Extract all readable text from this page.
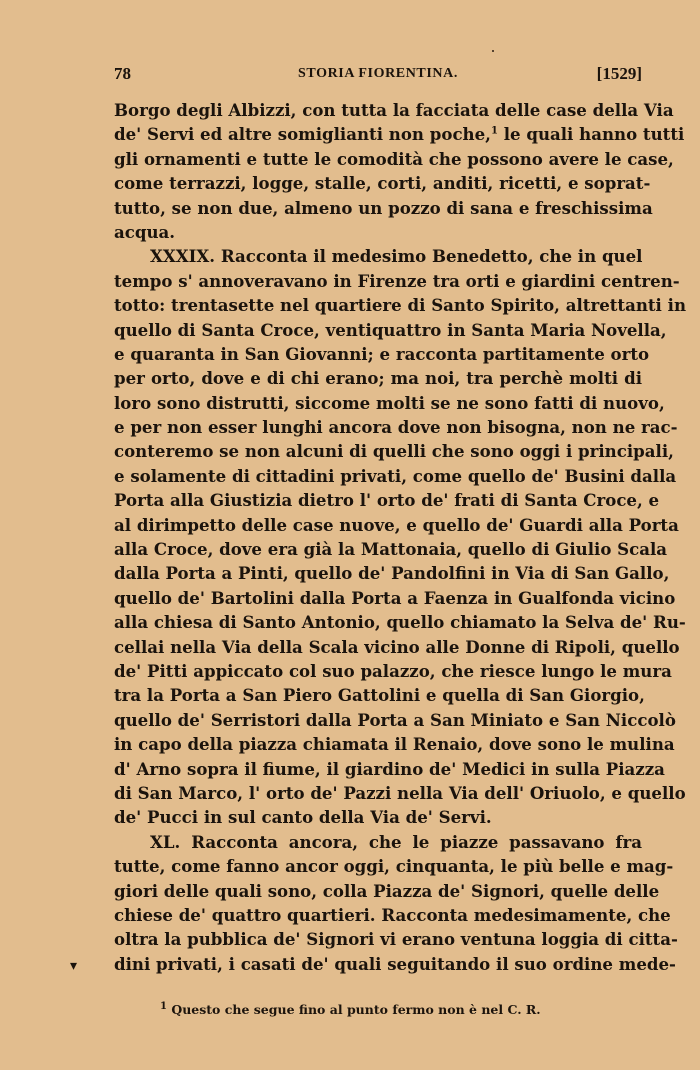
78	STORIA FIORENTINA.	[1529]
Borgo degli Albizzi, con tutta la facciata delle case della Via
de' Servi ed altre somiglianti non poche,$^1$ le quali hanno tutti
gli ornamenti e tutte le comodità che possono avere le case,
come terrazzi, logge, stalle, corti, anditi, ricetti, e soprat-
tutto, se non due, almeno un pozzo di sana e freschissima
acqua.
XXXIX. Racconta il medesimo Benedetto, che in quel
tempo s' annoveravano in Firenze tra orti e giardini centren-
totto: trentasette nel quartiere di Santo Spirito, altrettanti in
quello di Santa Croce, ventiquattro in Santa Maria Novella,
e quaranta in San Giovanni; e racconta partitamente orto
per orto, dove e di chi erano; ma noi, tra perchè molti di
loro sono distrutti, siccome molti se ne sono fatti di nuovo,
e per non esser lunghi ancora dove non bisogna, non ne rac-
conteremo se non alcuni di quelli che sono oggi i principali,
e solamente di cittadini privati, come quello de' Busini dalla
Porta alla Giustizia dietro l' orto de' frati di Santa Croce, e
al dirimpetto delle case nuove, e quello de' Guardi alla Porta
alla Croce, dove era già la Mattonaia, quello di Giulio Scala
dalla Porta a Pinti, quello de' Pandolfini in Via di San Gallo,
quello de' Bartolini dalla Porta a Faenza in Gualfonda vicino
alla chiesa di Santo Antonio, quello chiamato la Selva de' Ru-
cellai nella Via della Scala vicino alle Donne di Ripoli, quello
de' Pitti appiccato col suo palazzo, che riesce lungo le mura
tra la Porta a San Piero Gattolini e quella di San Giorgio,
quello de' Serristori dalla Porta a San Miniato e San Niccolò
in capo della piazza chiamata il Renaio, dove sono le mulina
d' Arno sopra il fiume, il giardino de' Medici in sulla Piazza
di San Marco, l' orto de' Pazzi nella Via dell' Oriuolo, e quello
de' Pucci in sul canto della Via de' Servi.
XL. Racconta ancora, che le piazze passavano fra
tutte, come fanno ancor oggi, cinquanta, le più belle e mag-
giori delle quali sono, colla Piazza de' Signori, quelle delle
chiese de' quattro quartieri. Racconta medesimamente, che
oltra la pubblica de' Signori vi erano ventuna loggia di citta-
dini privati, i casati de' quali seguitando il suo ordine mede-
▾
$^1$ Questo che segue fino al punto fermo non è nel C. R.
